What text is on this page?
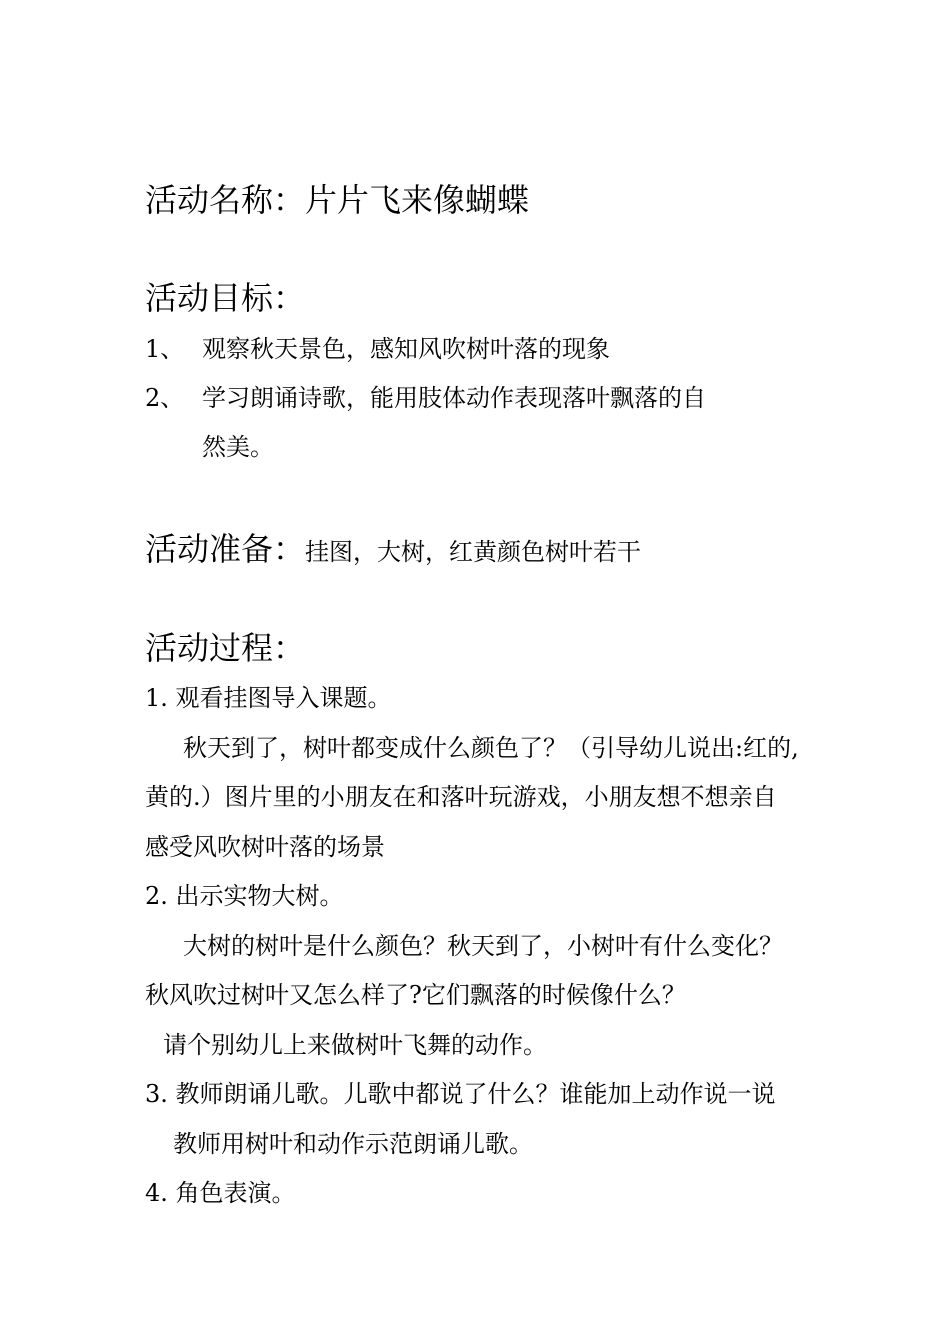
活动名称：片片飞来像蝴蝶
活动目标：
1、 观察秋天景色，感知风吹树叶落的现象
2、 学习朗诵诗歌，能用肢体动作表现落叶飘落的自
然美。
活动准备：挂图，大树，红黄颜色树叶若干
活动过程：
1. 观看挂图导入课题。
秋天到了，树叶都变成什么颜色了？（引导幼儿说出:红的,
黄的.）图片里的小朋友在和落叶玩游戏，小朋友想不想亲自
感受风吹树叶落的场景
2. 出示实物大树。
大树的树叶是什么颜色？秋天到了，小树叶有什么变化？
秋风吹过树叶又怎么样了?它们飘落的时候像什么？
请个别幼儿上来做树叶飞舞的动作。
3. 教师朗诵儿歌。儿歌中都说了什么？谁能加上动作说一说
教师用树叶和动作示范朗诵儿歌。
4. 角色表演。
